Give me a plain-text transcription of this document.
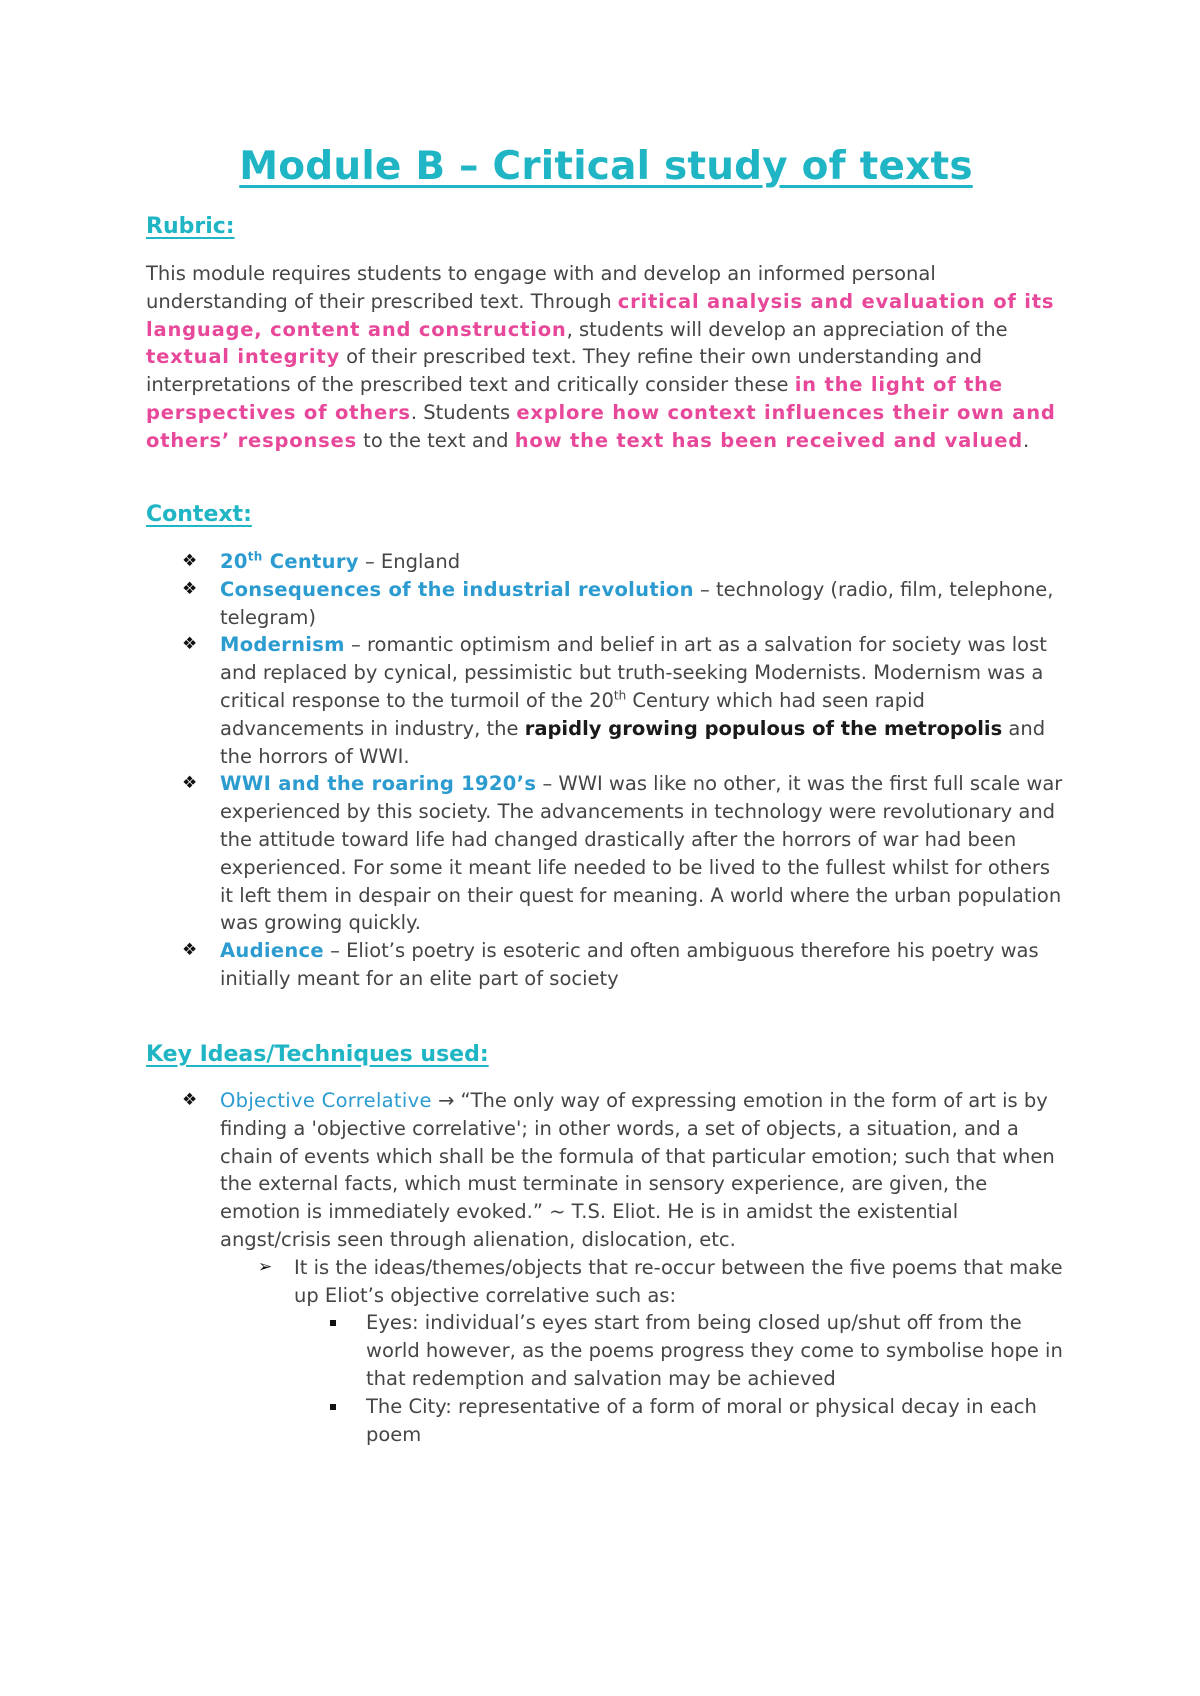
Module B – Critical study of texts
Rubric:

This module requires students to engage with and develop an informed personal understanding of their prescribed text. Through critical analysis and evaluation of its language, content and construction, students will develop an appreciation of the textual integrity of their prescribed text. They refine their own understanding and interpretations of the prescribed text and critically consider these in the light of the perspectives of others. Students explore how context influences their own and others’ responses to the text and how the text has been received and valued.

Context:
❖ 20th Century – England
❖ Consequences of the industrial revolution – technology (radio, film, telephone, telegram)
❖ Modernism – romantic optimism and belief in art as a salvation for society was lost and replaced by cynical, pessimistic but truth-seeking Modernists. Modernism was a critical response to the turmoil of the 20th Century which had seen rapid advancements in industry, the rapidly growing populous of the metropolis and the horrors of WWI.
❖ WWI and the roaring 1920’s – WWI was like no other, it was the first full scale war experienced by this society. The advancements in technology were revolutionary and the attitude toward life had changed drastically after the horrors of war had been experienced. For some it meant life needed to be lived to the fullest whilst for others it left them in despair on their quest for meaning. A world where the urban population was growing quickly.
❖ Audience – Eliot’s poetry is esoteric and often ambiguous therefore his poetry was initially meant for an elite part of society
Key Ideas/Techniques used:
❖ Objective Correlative → “The only way of expressing emotion in the form of art is by finding a 'objective correlative'; in other words, a set of objects, a situation, and a chain of events which shall be the formula of that particular emotion; such that when the external facts, which must terminate in sensory experience, are given, the emotion is immediately evoked.” ~ T.S. Eliot. He is in amidst the existential angst/crisis seen through alienation, dislocation, etc.
➢ It is the ideas/themes/objects that re-occur between the five poems that make up Eliot’s objective correlative such as:
Eyes: individual’s eyes start from being closed up/shut off from the world however, as the poems progress they come to symbolise hope in that redemption and salvation may be achieved
The City: representative of a form of moral or physical decay in each poem
